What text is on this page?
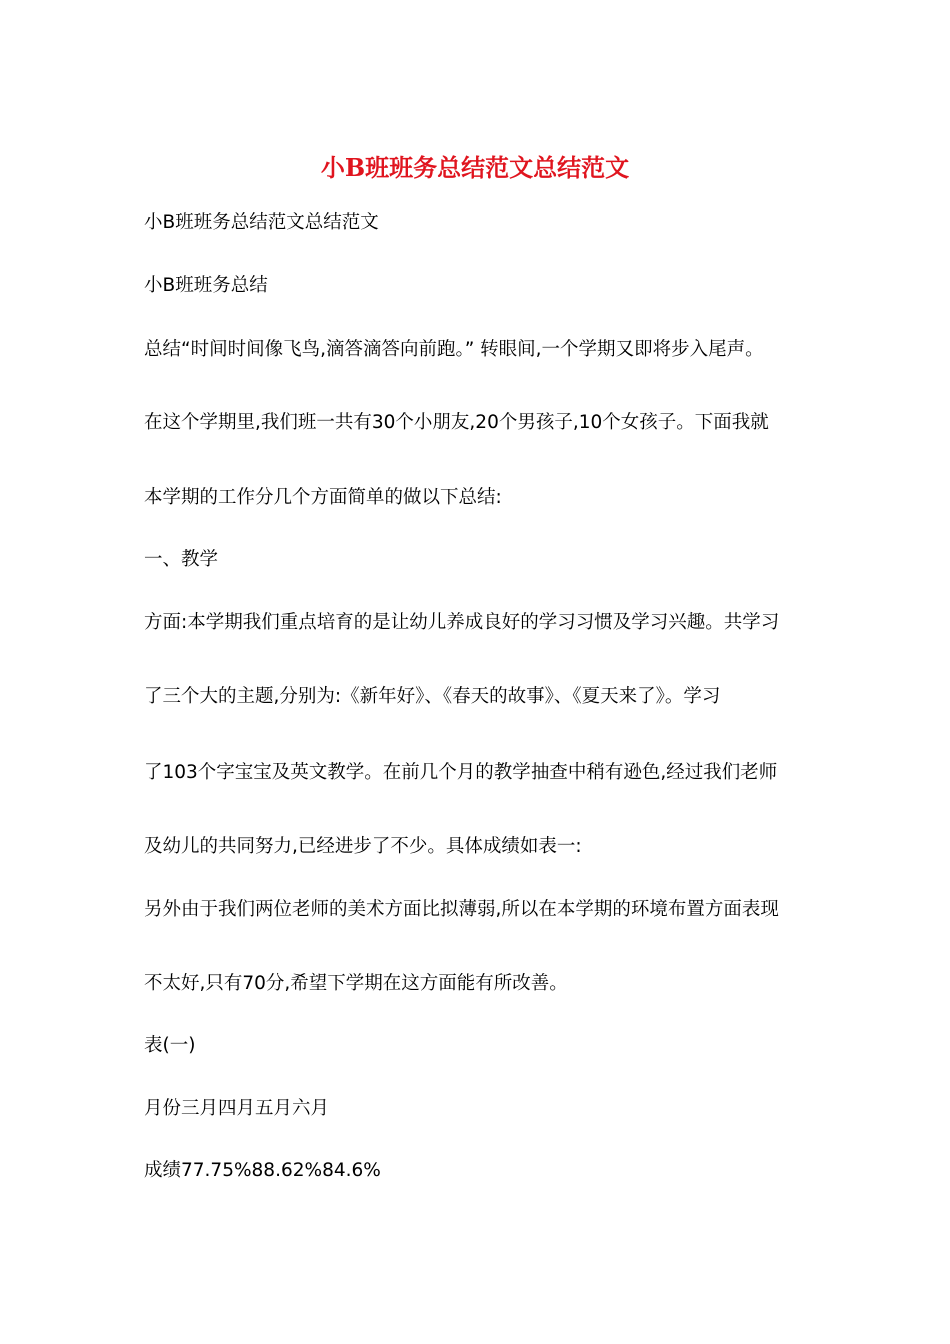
小B班班务总结范文总结范文

小B班班务总结范文总结范文

小B班班务总结

总结“时间时间像飞鸟,滴答滴答向前跑。” 转眼间,一个学期又即将步入尾声。

在这个学期里,我们班一共有30个小朋友,20个男孩子,10个女孩子。下面我就

本学期的工作分几个方面简单的做以下总结:

一、教学

方面:本学期我们重点培育的是让幼儿养成良好的学习习惯及学习兴趣。共学习

了三个大的主题,分别为:《新年好》、《春天的故事》、《夏天来了》。学习

了103个字宝宝及英文教学。在前几个月的教学抽查中稍有逊色,经过我们老师

及幼儿的共同努力,已经进步了不少。具体成绩如表一:

另外由于我们两位老师的美术方面比拟薄弱,所以在本学期的环境布置方面表现

不太好,只有70分,希望下学期在这方面能有所改善。

表(一)

月份三月四月五月六月

成绩77.75%88.62%84.6%
